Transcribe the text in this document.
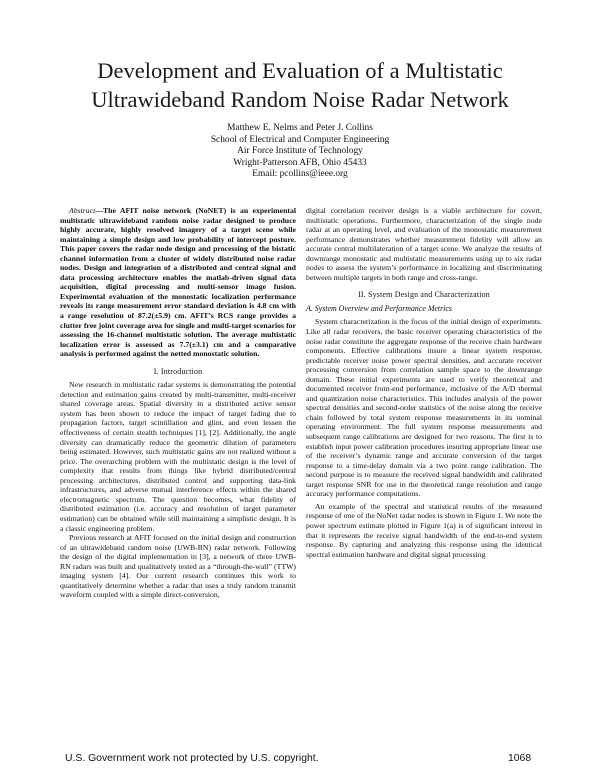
Development and Evaluation of a Multistatic
Ultrawideband Random Noise Radar Network
Matthew E. Nelms and Peter J. Collins
School of Electrical and Computer Engineering
Air Force Institute of Technology
Wright-Patterson AFB, Ohio 45433
Email: pcollins@ieee.org

Abstract—The AFIT noise network (NoNET) is an experimental multistatic ultrawideband random noise radar designed to produce highly accurate, highly resolved imagery of a target scene while maintaining a simple design and low probability of intercept posture. This paper covers the radar node design and processing of the bistatic channel information from a cluster of widely distributed noise radar nodes. Design and integration of a distributed and central signal and data processing architecture enables the matlab-driven signal data acquisition, digital processing and multi-sensor image fusion. Experimental evaluation of the monostatic localization performance reveals its range measurement error standard deviation is 4.8 cm with a range resolution of 87.2(±5.9) cm. AFIT’s RCS range provides a clutter free joint coverage area for single and multi-target scenarios for assessing the 16-channel multistatic solution. The average multistatic localization error is assessed as 7.7(±3.1) cm and a comparative analysis is performed against the netted monostatic solution.

I. Introduction

New research in multistatic radar systems is demonstrating the potential detection and estimation gains created by multi-transmitter, multi-receiver shared coverage areas. Spatial diversity in a distributed active sensor system has been shown to reduce the impact of target fading due to propagation factors, target scintillation and glint, and even lessen the effectiveness of certain stealth techniques [1], [2]. Additionally, the angle diversity can dramatically reduce the geometric dilution of parameters being estimated. However, such multistatic gains are not realized without a price. The overarching problem with the multistatic design is the level of complexity that results from things like hybrid distributed/central processing architectures, distributed control and supporting data-link infrastructures, and adverse mutual interference effects within the shared electromagnetic spectrum. The question becomes, what fidelity of distributed estimation (i.e. accuracy and resolution of target parameter estimation) can be obtained while still maintaining a simplistic design. It is a classic engineering problem.

Previous research at AFIT focused on the initial design and construction of an ultrawideband random noise (UWB-RN) radar network. Following the design of the digital implementation in [3], a network of three UWB-RN radars was built and qualitatively tested as a “through-the-wall” (TTW) imaging system [4]. Our current research continues this work to quantitatively determine whether a radar that uses a truly random transmit waveform coupled with a simple direct-conversion,

digital correlation receiver design is a viable architecture for covert, multistatic operations. Furthermore, characterization of the single node radar at an operating level, and evaluation of the monostatic measurement performance demonstrates whether measurement fidelity will allow an accurate central multilateration of a target scene. We analyze the results of downrange monostatic and multistatic measurements using up to six radar nodes to assess the system’s performance in localizing and discriminating between multiple targets in both range and cross-range.

II. System Design and Characterization
A. System Overview and Performance Metrics

System characterization is the focus of the initial design of experiments. Like all radar receivers, the basic receiver operating characteristics of the noise radar constitute the aggregate response of the receive chain hardware components. Effective calibrations insure a linear system response, predictable receiver noise power spectral densities, and accurate receiver processing conversion from correlation sample space to the downrange domain. These initial experiments are used to verify theoretical and documented receiver front-end performance, inclusive of the A/D thermal and quantization noise characteristics. This includes analysis of the power spectral densities and second-order statistics of the noise along the receive chain followed by total system response measurements in its nominal operating environment. The full system response measurements and subsequent range calibrations are designed for two reasons. The first is to establish input power calibration procedures insuring appropriate linear use of the receiver’s dynamic range and accurate conversion of the target response to a time-delay domain via a two point range calibration. The second purpose is to measure the received signal bandwidth and calibrated target response SNR for use in the theoretical range resolution and range accuracy performance computations.

An example of the spectral and statistical results of the measured response of one of the NoNet radar nodes is shown in Figure 1. We note the power spectrum estimate plotted in Figure 1(a) is of significant interest in that it represents the receive signal bandwidth of the end-to-end system response. By capturing and analyzing this response using the identical spectral estimation hardware and digital signal processing

U.S. Government work not protected by U.S. copyright.	1068
